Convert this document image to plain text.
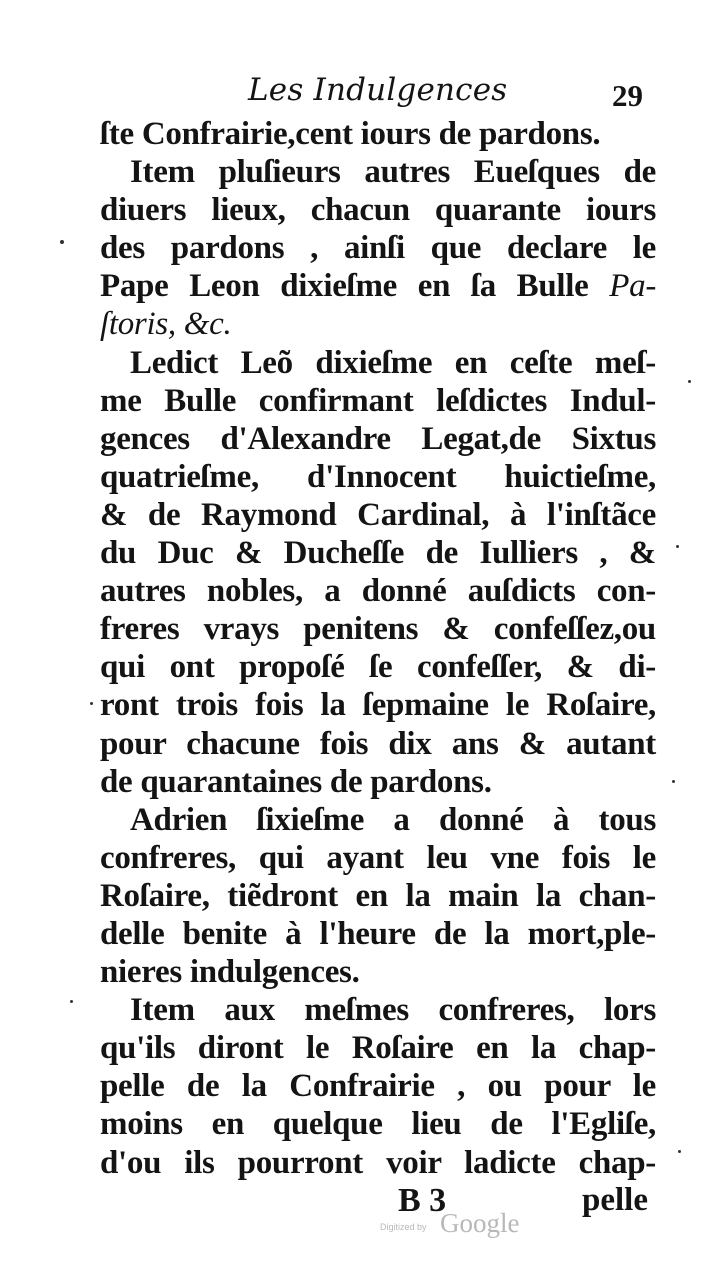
Les Indulgences	29
ſte Confrairie,cent iours de pardons.
Item pluſieurs autres Eueſques de
diuers lieux, chacun quarante iours
des pardons , ainſi que declare le
Pape Leon dixieſme en ſa Bulle Pa-
ſtoris, &c.
Ledict Leõ dixieſme en ceſte meſ-
me Bulle confirmant leſdictes Indul-
gences d'Alexandre Legat,de Sixtus
quatrieſme, d'Innocent huictieſme,
& de Raymond Cardinal, à l'inſtãce
du Duc & Ducheſſe de Iulliers , &
autres nobles, a donné auſdicts con-
freres vrays penitens & confeſſez,ou
qui ont propoſé ſe confeſſer, & di-
ront trois fois la ſepmaine le Roſaire,
pour chacune fois dix ans & autant
de quarantaines de pardons.
Adrien ſixieſme a donné à tous
confreres, qui ayant leu vne fois le
Roſaire, tiẽdront en la main la chan-
delle benite à l'heure de la mort,ple-
nieres indulgences.
Item aux meſmes confreres, lors
qu'ils diront le Roſaire en la chap-
pelle de la Confrairie , ou pour le
moins en quelque lieu de l'Egliſe,
d'ou ils pourront voir ladicte chap-
B 3	pelle
Digitized by Google
